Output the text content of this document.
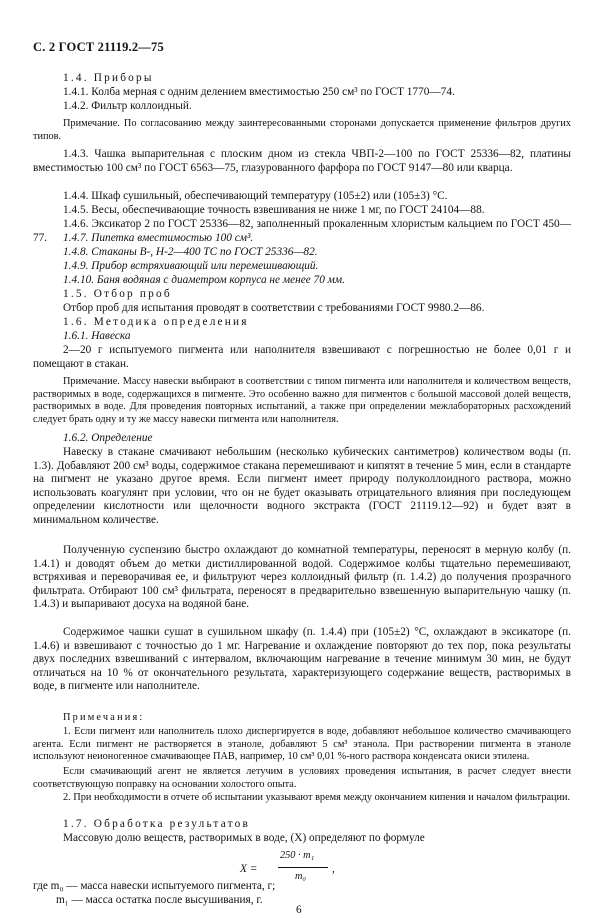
С. 2 ГОСТ 21119.2—75
1.4. Приборы
1.4.1. Колба мерная с одним делением вместимостью 250 см³ по ГОСТ 1770—74.
1.4.2. Фильтр коллоидный.
Примечание. По согласованию между заинтересованными сторонами допускается применение фильтров других типов.
1.4.3. Чашка выпарительная с плоским дном из стекла ЧВП-2—100 по ГОСТ 25336—82, платины вместимостью 100 см³ по ГОСТ 6563—75, глазурованного фарфора по ГОСТ 9147—80 или кварца.
1.4.4. Шкаф сушильный, обеспечивающий температуру (105±2) или (105±3) °С.
1.4.5. Весы, обеспечивающие точность взвешивания не ниже 1 мг, по ГОСТ 24104—88.
1.4.6. Эксикатор 2 по ГОСТ 25336—82, заполненный прокаленным хлористым кальцием по ГОСТ 450—77.	1.4.7. Пипетка вместимостью 100 см³.
1.4.8. Стаканы В-, Н-2—400 ТС по ГОСТ 25336—82.
1.4.9. Прибор встряхивающий или перемешивающий.
1.4.10. Баня водяная с диаметром корпуса не менее 70 мм.
1.5. Отбор проб
Отбор проб для испытания проводят в соответствии с требованиями ГОСТ 9980.2—86.
1.6. Методика определения
1.6.1. Навеска
2—20 г испытуемого пигмента или наполнителя взвешивают с погрешностью не более 0,01 г и помещают в стакан.
Примечание. Массу навески выбирают в соответствии с типом пигмента или наполнителя и количеством веществ, растворимых в воде, содержащихся в пигменте. Это особенно важно для пигментов с большой массовой долей веществ, растворимых в воде. Для проведения повторных испытаний, а также при определении межлабораторных расхождений следует брать одну и ту же массу навески пигмента или наполнителя.
1.6.2. Определение
Навеску в стакане смачивают небольшим (несколько кубических сантиметров) количеством воды (п. 1.3). Добавляют 200 см³ воды, содержимое стакана перемешивают и кипятят в течение 5 мин, если в стандарте на пигмент не указано другое время. Если пигмент имеет природу полуколлоидного раствора, можно использовать коагулянт при условии, что он не будет оказывать отрицательного влияния при последующем определении кислотности или щелочности водного экстракта (ГОСТ 21119.12—92) и будет взят в минимальном количестве.
Полученную суспензию быстро охлаждают до комнатной температуры, переносят в мерную колбу (п. 1.4.1) и доводят объем до метки дистиллированной водой. Содержимое колбы тщательно перемешивают, встряхивая и переворачивая ее, и фильтруют через коллоидный фильтр (п. 1.4.2) до получения прозрачного фильтрата. Отбирают 100 см³ фильтрата, переносят в предварительно взвешенную выпарительную чашку (п. 1.4.3) и выпаривают досуха на водяной бане.
Содержимое чашки сушат в сушильном шкафу (п. 1.4.4) при (105±2) °С, охлаждают в эксикаторе (п. 1.4.6) и взвешивают с точностью до 1 мг. Нагревание и охлаждение повторяют до тех пор, пока результаты двух последних взвешиваний с интервалом, включающим нагревание в течение минимум 30 мин, не будут отличаться на 10 % от окончательного результата, характеризующего содержание веществ, растворимых в воде, в пигменте или наполнителе.
Примечания:
1. Если пигмент или наполнитель плохо диспергируется в воде, добавляют небольшое количество смачивающего агента. Если пигмент не растворяется в этаноле, добавляют 5 см³ этанола. При растворении пигмента в этаноле используют неионогенное смачивающее ПАВ, например, 10 см³ 0,01 %-ного раствора конденсата окиси этилена.
Если смачивающий агент не является летучим в условиях проведения испытания, в расчет следует внести соответствующую поправку на основании холостого опыта.
2. При необходимости в отчете об испытании указывают время между окончанием кипения и началом фильтрации.
1.7. Обработка результатов
Массовую долю веществ, растворимых в воде, (X) определяют по формуле
X =
250 · m₁
m₀
,
где m₀ — масса навески испытуемого пигмента, г;
m₁ — масса остатка после высушивания, г.
6
